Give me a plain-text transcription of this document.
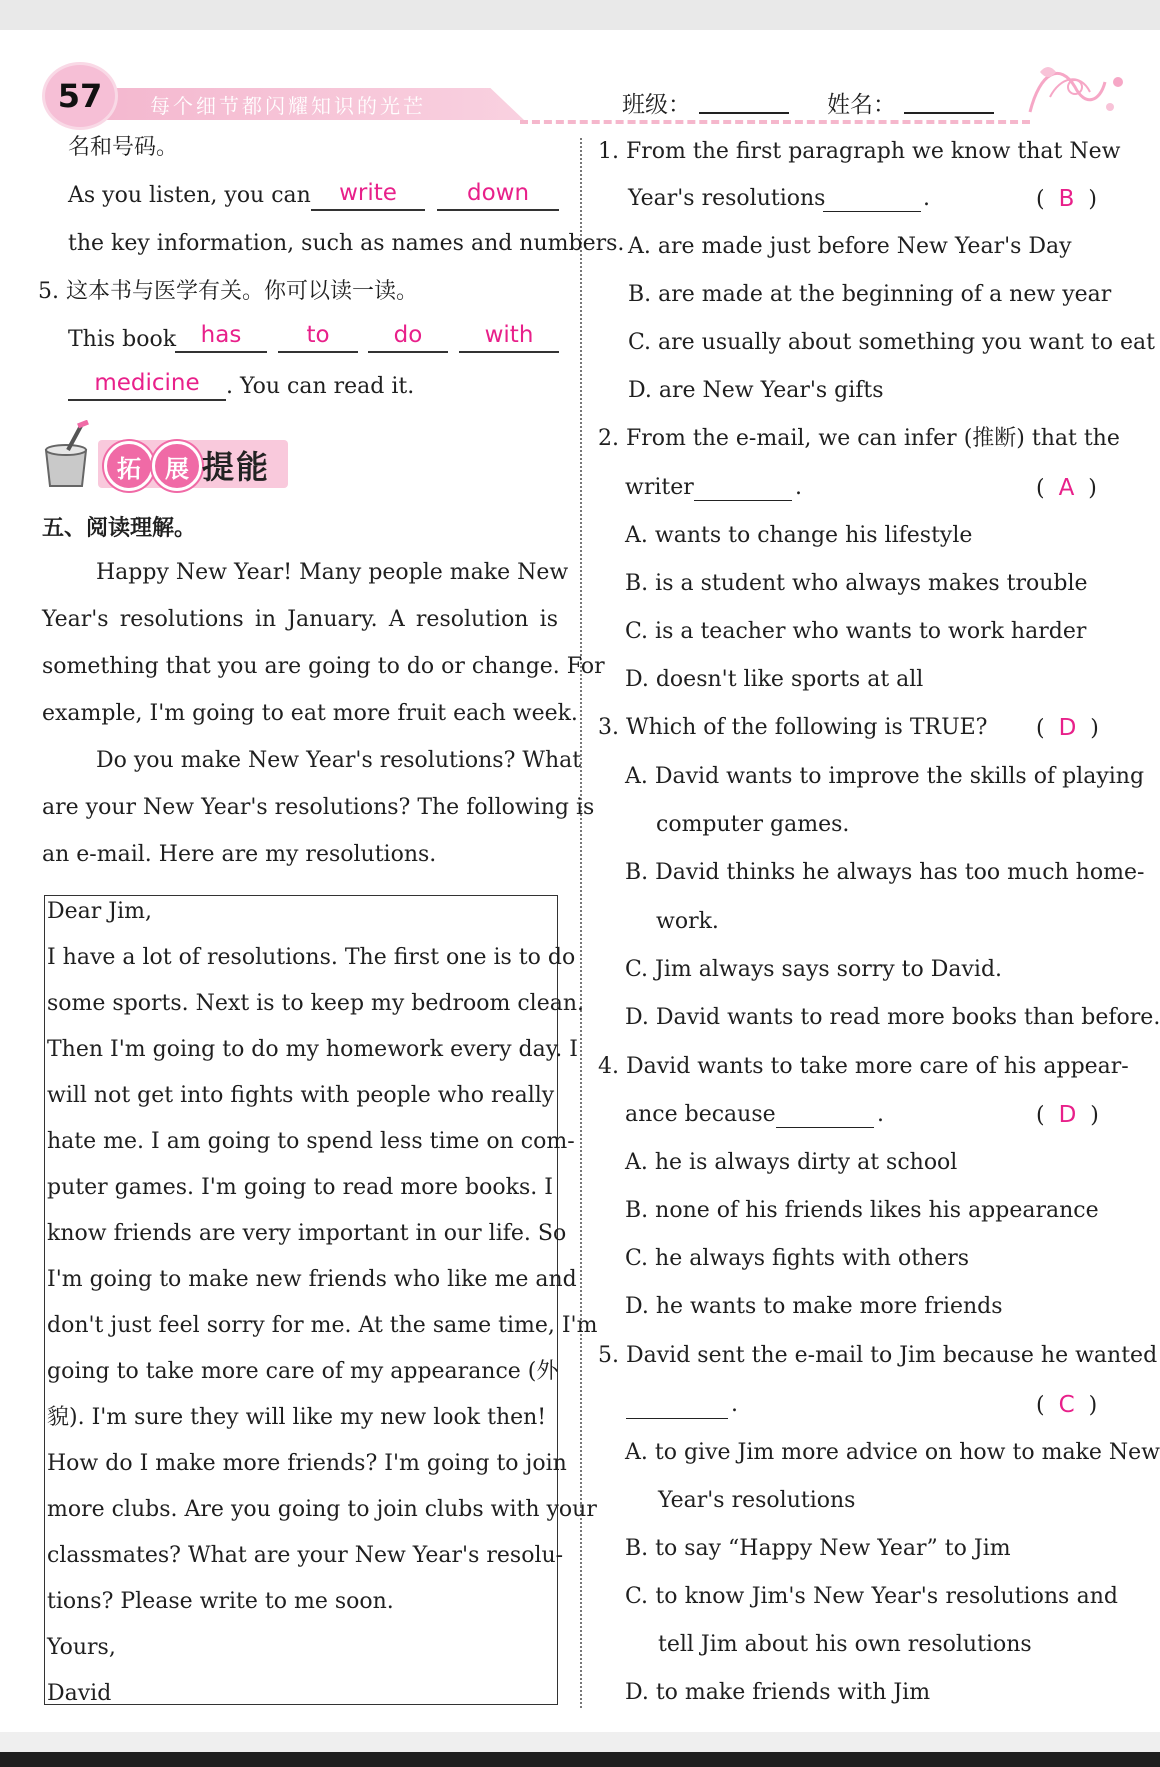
每个细节都闪耀知识的光芒
57	班级：	姓名：
名和号码。
As you listen, you can	write	down
the key information, such as names and numbers.
5. 这本书与医学有关。你可以读一读。
This book	has	to	do	with
medicine	. You can read it.
拓	展 提能
五、阅读理解。
Happy New Year! Many people make New
Year's resolutions in January. A resolution is
something that you are going to do or change. For
example, I'm going to eat more fruit each week.
Do you make New Year's resolutions? What
are your New Year's resolutions? The following is
an e-mail. Here are my resolutions.
Dear Jim,
I have a lot of resolutions. The first one is to do
some sports. Next is to keep my bedroom clean.
Then I'm going to do my homework every day. I
will not get into fights with people who really
hate me. I am going to spend less time on com-
puter games. I'm going to read more books. I
know friends are very important in our life. So
I'm going to make new friends who like me and
don't just feel sorry for me. At the same time, I'm
going to take more care of my appearance (外
貌). I'm sure they will like my new look then!
How do I make more friends? I'm going to join
more clubs. Are you going to join clubs with your
classmates? What are your New Year's resolu-
tions? Please write to me soon.
Yours,
David
1. From the first paragraph we know that New
Year's resolutions	.	(  B  )
A. are made just before New Year's Day
B. are made at the beginning of a new year
C. are usually about something you want to eat
D. are New Year's gifts
2. From the e-mail, we can infer (推断) that the
writer	.	(  A  )
A. wants to change his lifestyle
B. is a student who always makes trouble
C. is a teacher who wants to work harder
D. doesn't like sports at all
3. Which of the following is TRUE? (  D  )
A. David wants to improve the skills of playing
computer games.
B. David thinks he always has too much home-
work.
C. Jim always says sorry to David.
D. David wants to read more books than before.
4. David wants to take more care of his appear-
ance because	.	(  D  )
A. he is always dirty at school
B. none of his friends likes his appearance
C. he always fights with others
D. he wants to make more friends
5. David sent the e-mail to Jim because he wanted
.	(  C  )
A. to give Jim more advice on how to make New
Year's resolutions
B. to say “Happy New Year” to Jim
C. to know Jim's New Year's resolutions and
tell Jim about his own resolutions
D. to make friends with Jim
